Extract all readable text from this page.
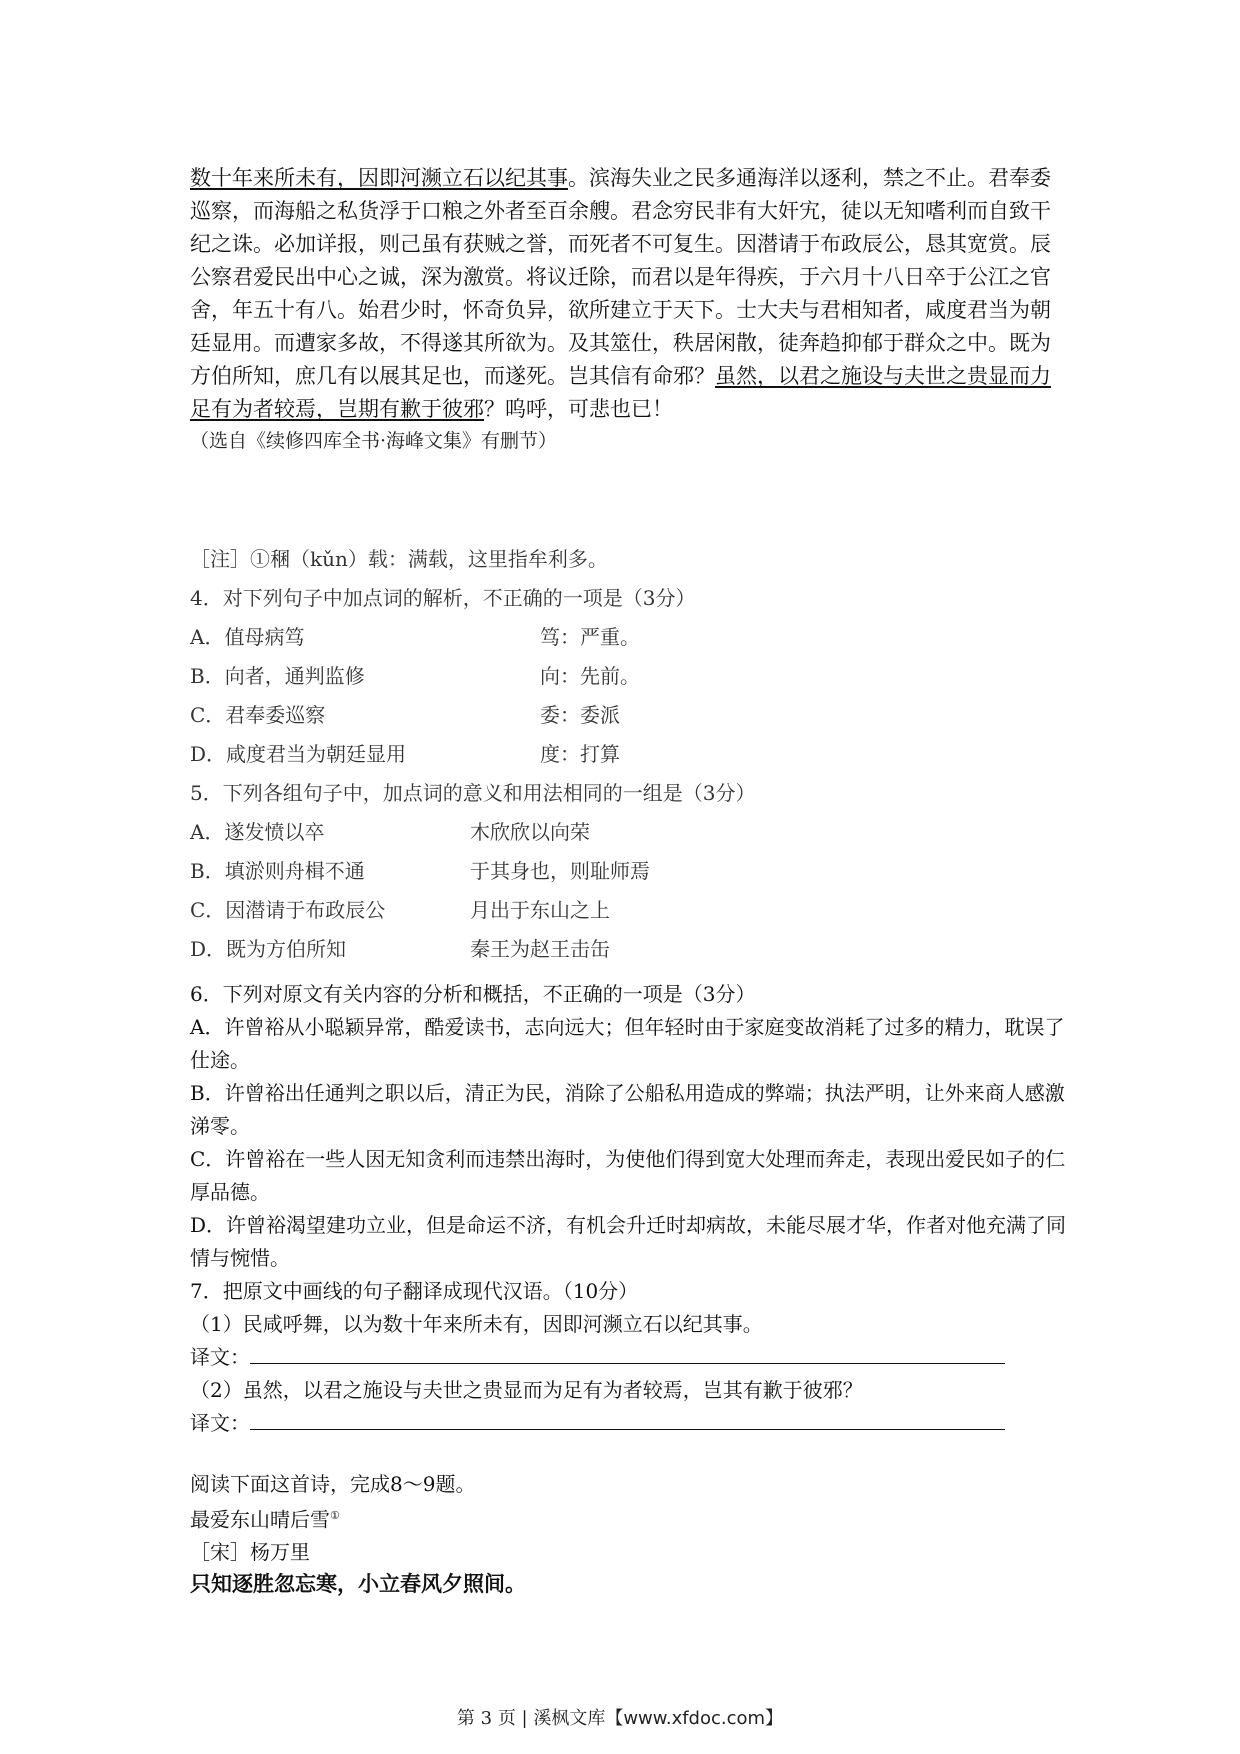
数十年来所未有，因即河濒立石以纪其事。滨海失业之民多通海洋以逐利，禁之不止。君奉委巡察，而海船之私货浮于口粮之外者至百余艘。君念穷民非有大奸宄，徒以无知嗜利而自致干纪之诛。必加详报，则己虽有获贼之誉，而死者不可复生。因潜请于布政辰公，恳其宽赏。辰公察君爱民出中心之诚，深为激赏。将议迁除，而君以是年得疾，于六月十八日卒于公江之官舍，年五十有八。始君少时，怀奇负异，欲所建立于天下。士大夫与君相知者，咸度君当为朝廷显用。而遭家多故，不得遂其所欲为。及其筮仕，秩居闲散，徒奔趋抑郁于群众之中。既为方伯所知，庶几有以展其足也，而遂死。岂其信有命邪？虽然，以君之施设与夫世之贵显而力足有为者较焉，岂期有歉于彼邪？呜呼，可悲也已！
（选自《续修四库全书·海峰文集》有删节）
［注］①稛（kǔn）载：满载，这里指牟利多。
4．对下列句子中加点词的解析，不正确的一项是（3分）
A．值母病笃	笃：严重。
B．向者，通判监修	向：先前。
C．君奉委巡察	委：委派
D．咸度君当为朝廷显用	度：打算
5．下列各组句子中，加点词的意义和用法相同的一组是（3分）
A．遂发愤以卒	木欣欣以向荣
B．填淤则舟楫不通	于其身也，则耻师焉
C．因潜请于布政辰公	月出于东山之上
D．既为方伯所知	秦王为赵王击缶

6．下列对原文有关内容的分析和概括，不正确的一项是（3分）

A．许曾裕从小聪颖异常，酷爱读书，志向远大；但年轻时由于家庭变故消耗了过多的精力，耽误了仕途。

B．许曾裕出任通判之职以后，清正为民，消除了公船私用造成的弊端；执法严明，让外来商人感激涕零。

C．许曾裕在一些人因无知贪利而违禁出海时，为使他们得到宽大处理而奔走，表现出爱民如子的仁厚品德。

D．许曾裕渴望建功立业，但是命运不济，有机会升迁时却病故，未能尽展才华，作者对他充满了同情与惋惜。

7．把原文中画线的句子翻译成现代汉语。（10分）

（1）民咸呼舞，以为数十年来所未有，因即河濒立石以纪其事。

译文：

（2）虽然，以君之施设与夫世之贵显而为足有为者较焉，岂其有歉于彼邪？

译文：

阅读下面这首诗，完成8～9题。

最爱东山晴后雪①

［宋］杨万里

只知逐胜忽忘寒，小立春风夕照间。

第 3 页 | 溪枫文库【www.xfdoc.com】
